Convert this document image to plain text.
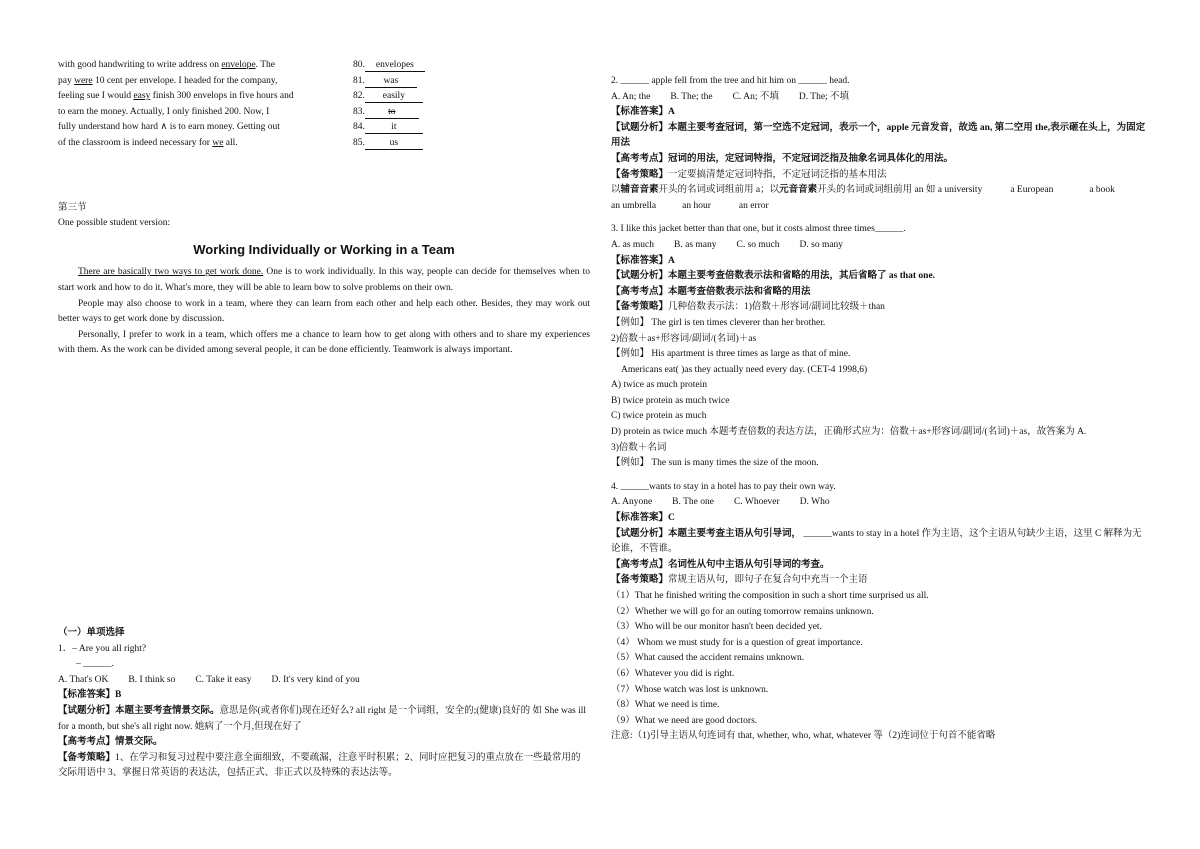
with good handwriting to write address on envelope. The	80. envelopes
pay were 10 cent per envelope. I headed for the company,	81. was
feeling sue I would easy finish 300 envelops in five hours and	82. easily
to earn the money. Actually, I only finished 200. Now, I	83. to
fully understand how hard ∧ is to earn money. Getting out	84.	it
of the classroom is indeed necessary for we all.	85.	us
第三节
One possible student version:
Working Individually or Working in a Team

There are basically two ways to get work done. One is to work individually. In this way, people can decide for themselves when to start work and how to do it. What's more, they will be able to learn bow to solve problems on their own.

People may also choose to work in a team, where they can learn from each other and help each other. Besides, they may work out better ways to get work done by discussion.

Personally, I prefer to work in a team, which offers me a chance to learn how to get along with others and to share my experiences with them. As the work can be divided among several people, it can be done efficiently. Teamwork is always important.

（一）单项选择
1．– Are you all right?
– ______.
A. That's OK B. I think so C. Take it easy D. It's very kind of you
【标准答案】B
【试题分析】本题主要考查情景交际。意思是你(或者你们)现在还好么? all right 是一个词组，安全的;(健康)良好的 如 She was ill for a month, but she's all right now. 她病了一个月,但现在好了
【高考考点】情景交际。
【备考策略】1、在学习和复习过程中要注意全面细致，不要疏漏，注意平时积累；2、同时应把复习的重点放在一些最常用的交际用语中 3、掌握日常英语的表达法，包括正式、非正式以及特殊的表达法等。
2. ______ apple fell from the tree and hit him on ______ head.
A. An; the B. The; the C. An; 不填 D. The; 不填
【标准答案】A
【试题分析】本题主要考查冠词，第一空选不定冠词，表示一个，apple 元音发音，故选 an, 第二空用 the,表示砸在头上，为固定用法
【高考考点】冠词的用法，定冠词特指，不定冠词泛指及抽象名词具体化的用法。
【备考策略】一定要搞清楚定冠词特指，不定冠词泛指的基本用法
以辅音音素开头的名词或词组前用 a；以元音音素开头的名词或词组前用 an 如 a university	a European	a book
an umbrella	an hour	an error
3. I like this jacket better than that one, but it costs almost three times______.
A. as much B. as many C. so much D. so many
【标准答案】A
【试题分析】本题主要考查倍数表示法和省略的用法，其后省略了 as that one.
【高考考点】本题考查倍数表示法和省略的用法
【备考策略】几种倍数表示法：1)倍数＋形容词/副词比较级＋than
【例如】 The girl is ten times cleverer than her brother.
2)倍数＋as+形容词/副词/(名词)＋as
【例如】 His apartment is three times as large as that of mine.
Americans eat( )as they actually need every day. (CET-4 1998,6)
A) twice as much protein
B) twice protein as much twice
C) twice protein as much
D) protein as twice much 本题考查倍数的表达方法，正确形式应为：倍数＋as+形容词/副词/(名词)＋as，故答案为 A.
3)倍数＋名词
【例如】 The sun is many times the size of the moon.
4. ______wants to stay in a hotel has to pay their own way.
A. Anyone B. The one C. Whoever D. Who
【标准答案】C
【试题分析】本题主要考查主语从句引导词， ______wants to stay in a hotel 作为主语，这个主语从句缺少主语，这里 C 解释为无论谁，不管谁。
【高考考点】名词性从句中主语从句引导词的考查。
【备考策略】常规主语从句，即句子在复合句中充当一个主语
（1）That he finished writing the composition in such a short time surprised us all.
（2）Whether we will go for an outing tomorrow remains unknown.
（3）Who will be our monitor hasn't been decided yet.
（4） Whom we must study for is a question of great importance.
（5）What caused the accident remains unknown.
（6）Whatever you did is right.
（7）Whose watch was lost is unknown.
（8）What we need is time.
（9）What we need are good doctors.
注意:（1)引导主语从句连词有 that, whether, who, what, whatever 等（2)连词位于句首不能省略
